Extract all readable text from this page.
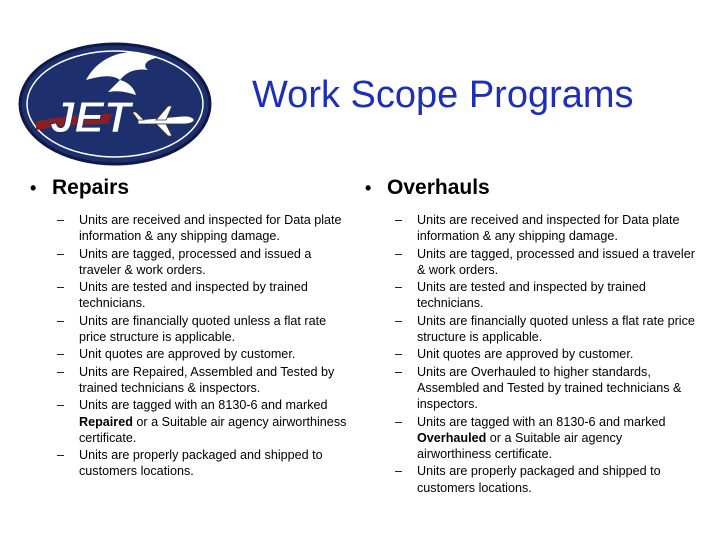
JET	Work Scope Programs
• Repairs
–	Units are received and inspected for Data plate information & any shipping damage.
–	Units are tagged, processed and issued a traveler & work orders.
–	Units are tested and inspected by trained technicians.
–	Units are financially quoted unless a flat rate price structure is applicable.
–	Unit quotes are approved by customer.
–	Units are Repaired, Assembled and Tested by trained technicians & inspectors.
–	Units are tagged with an 8130-6 and marked Repaired or a Suitable air agency airworthiness certificate.
–	Units are properly packaged and shipped to customers locations.
• Overhauls
–	Units are received and inspected for Data plate information & any shipping damage.
–	Units are tagged, processed and issued a traveler & work orders.
–	Units are tested and inspected by trained technicians.
–	Units are financially quoted unless a flat rate price structure is applicable.
–	Unit quotes are approved by customer.
–	Units are Overhauled to higher standards, Assembled and Tested by trained technicians & inspectors.
–	Units are tagged with an 8130-6 and marked Overhauled or a Suitable air agency airworthiness certificate.
–	Units are properly packaged and shipped to customers locations.
